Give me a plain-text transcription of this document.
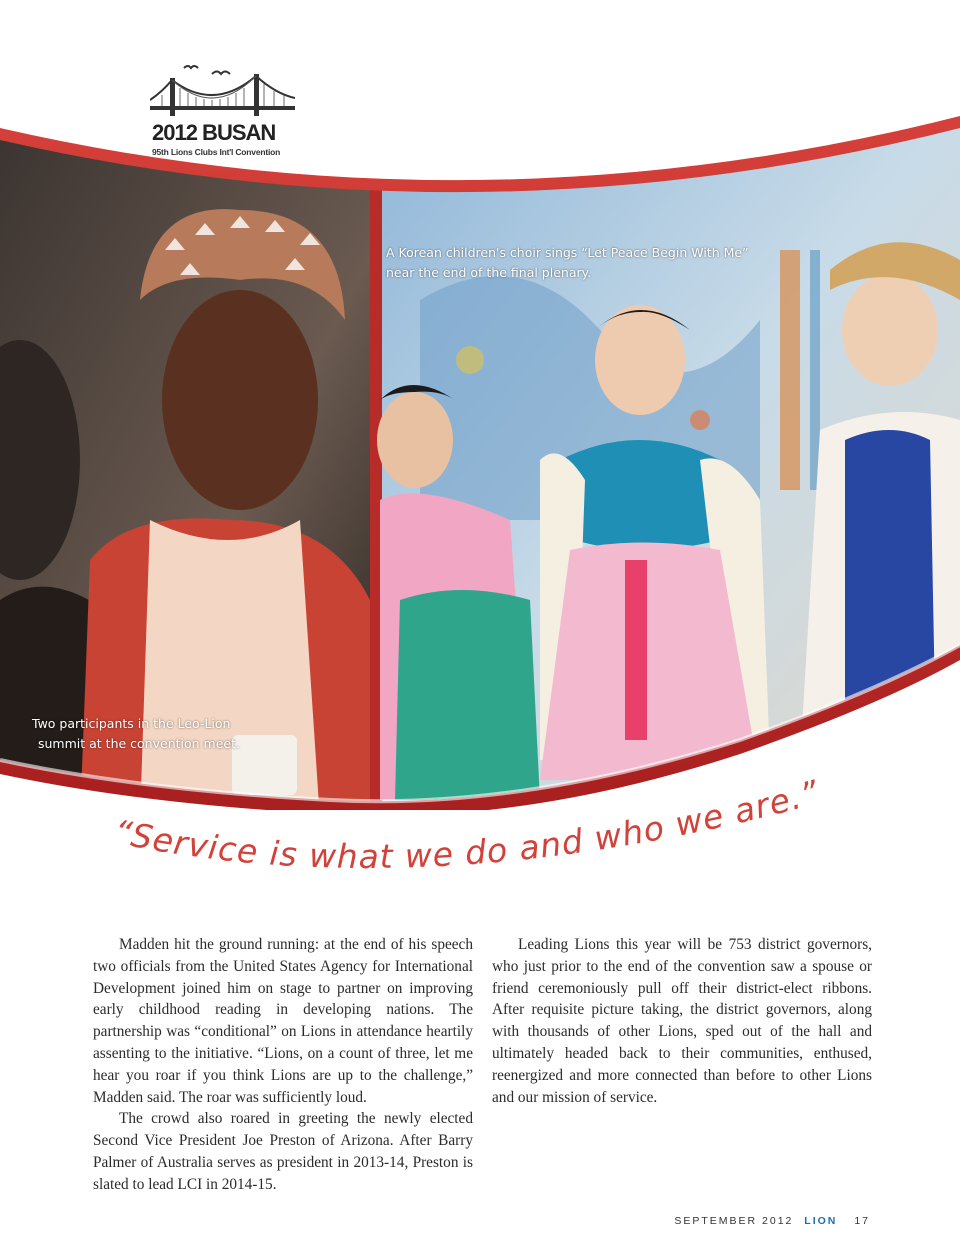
2012 BUSAN
95th Lions Clubs Int'l Convention
A Korean children's choir sings “Let Peace Begin With Me” near the end of the final plenary.
Two participants in the Leo-Lion
summit at the convention meet.
“Service is what we do and who we are.”

Madden hit the ground running: at the end of his speech two officials from the United States Agency for International Development joined him on stage to partner on improving early childhood reading in developing nations. The partnership was “conditional” on Lions in attendance heartily assenting to the initiative. “Lions, on a count of three, let me hear you roar if you think Lions are up to the challenge,” Madden said. The roar was sufficiently loud.

The crowd also roared in greeting the newly elected Second Vice President Joe Preston of Arizona. After Barry Palmer of Australia serves as president in 2013-14, Preston is slated to lead LCI in 2014-15.

Leading Lions this year will be 753 district governors, who just prior to the end of the convention saw a spouse or friend ceremoniously pull off their district-elect ribbons. After requisite picture taking, the district governors, along with thousands of other Lions, sped out of the hall and ultimately headed back to their communities, enthused, reenergized and more connected than before to other Lions and our mission of service.

SEPTEMBER 2012 LION 17
